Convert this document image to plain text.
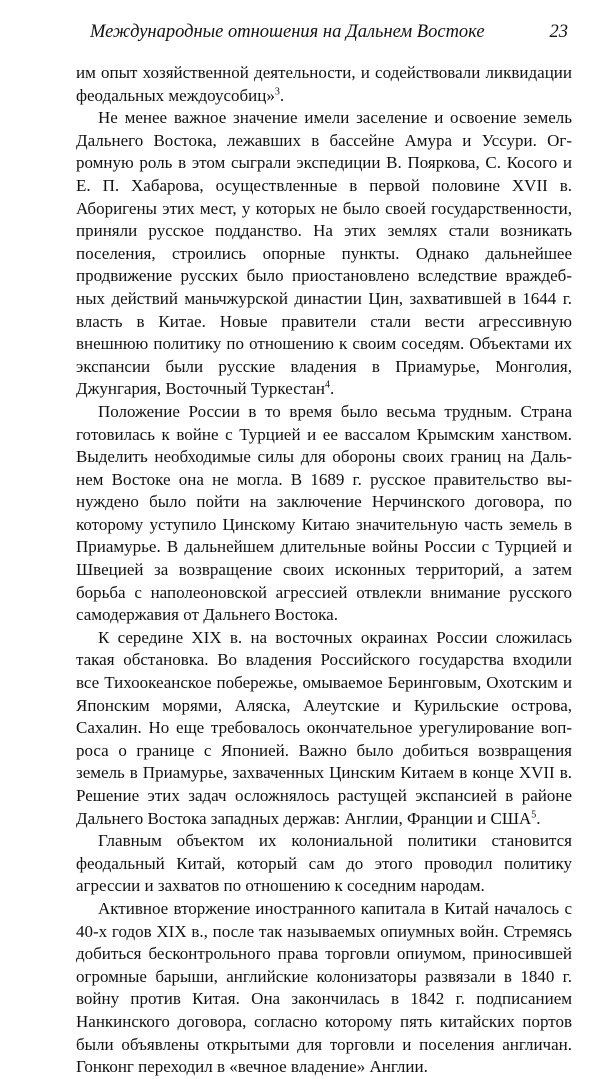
Международные отношения на Дальнем Востоке	23

им опыт хозяйственной деятельности, и содействовали ликвидации феодальных междоусобиц»$^3$.

Не менее важное значение имели заселение и освоение земель Дальнего Востока, лежавших в бассейне Амура и Уссури. Огромную роль в этом сыграли экспедиции В. Пояркова, С. Косого и Е. П. Хабарова, осуществленные в первой половине XVII в. Аборигены этих мест, у которых не было своей государственности, приняли русское подданство. На этих землях стали возникать поселения, строились опорные пункты. Однако дальнейшее продвижение русских было приостановлено вследствие враждебных действий маньчжурской династии Цин, захватившей в 1644 г. власть в Китае. Новые правители стали вести агрессивную внешнюю политику по отношению к своим соседям. Объектами их экспансии были русские владения в Приамурье, Монголия, Джунгария, Восточный Туркестан$^4$.

Положение России в то время было весьма трудным. Страна готовилась к войне с Турцией и ее вассалом Крымским ханством. Выделить необходимые силы для обороны своих границ на Дальнем Востоке она не могла. В 1689 г. русское правительство вынуждено было пойти на заключение Нерчинского договора, по которому уступило Цинскому Китаю значительную часть земель в Приамурье. В дальнейшем длительные войны России с Турцией и Швецией за возвращение своих исконных территорий, а затем борьба с наполеоновской агрессией отвлекли внимание русского самодержавия от Дальнего Востока.

К середине XIX в. на восточных окраинах России сложилась такая обстановка. Во владения Российского государства входили все Тихоокеанское побережье, омываемое Беринговым, Охотским и Японским морями, Аляска, Алеутские и Курильские острова, Сахалин. Но еще требовалось окончательное урегулирование вопроса о границе с Японией. Важно было добиться возвращения земель в Приамурье, захваченных Цинским Китаем в конце XVII в. Решение этих задач осложнялось растущей экспансией в районе Дальнего Востока западных держав: Англии, Франции и США$^5$.

Главным объектом их колониальной политики становится феодальный Китай, который сам до этого проводил политику агрессии и захватов по отношению к соседним народам.

Активное вторжение иностранного капитала в Китай началось с 40-х годов XIX в., после так называемых опиумных войн. Стремясь добиться бесконтрольного права торговли опиумом, приносившей огромные барыши, английские колонизаторы развязали в 1840 г. войну против Китая. Она закончилась в 1842 г. подписанием Нанкинского договора, согласно которому пять китайских портов были объявлены открытыми для торговли и поселения англичан. Гонконг переходил в «вечное владение» Англии.
